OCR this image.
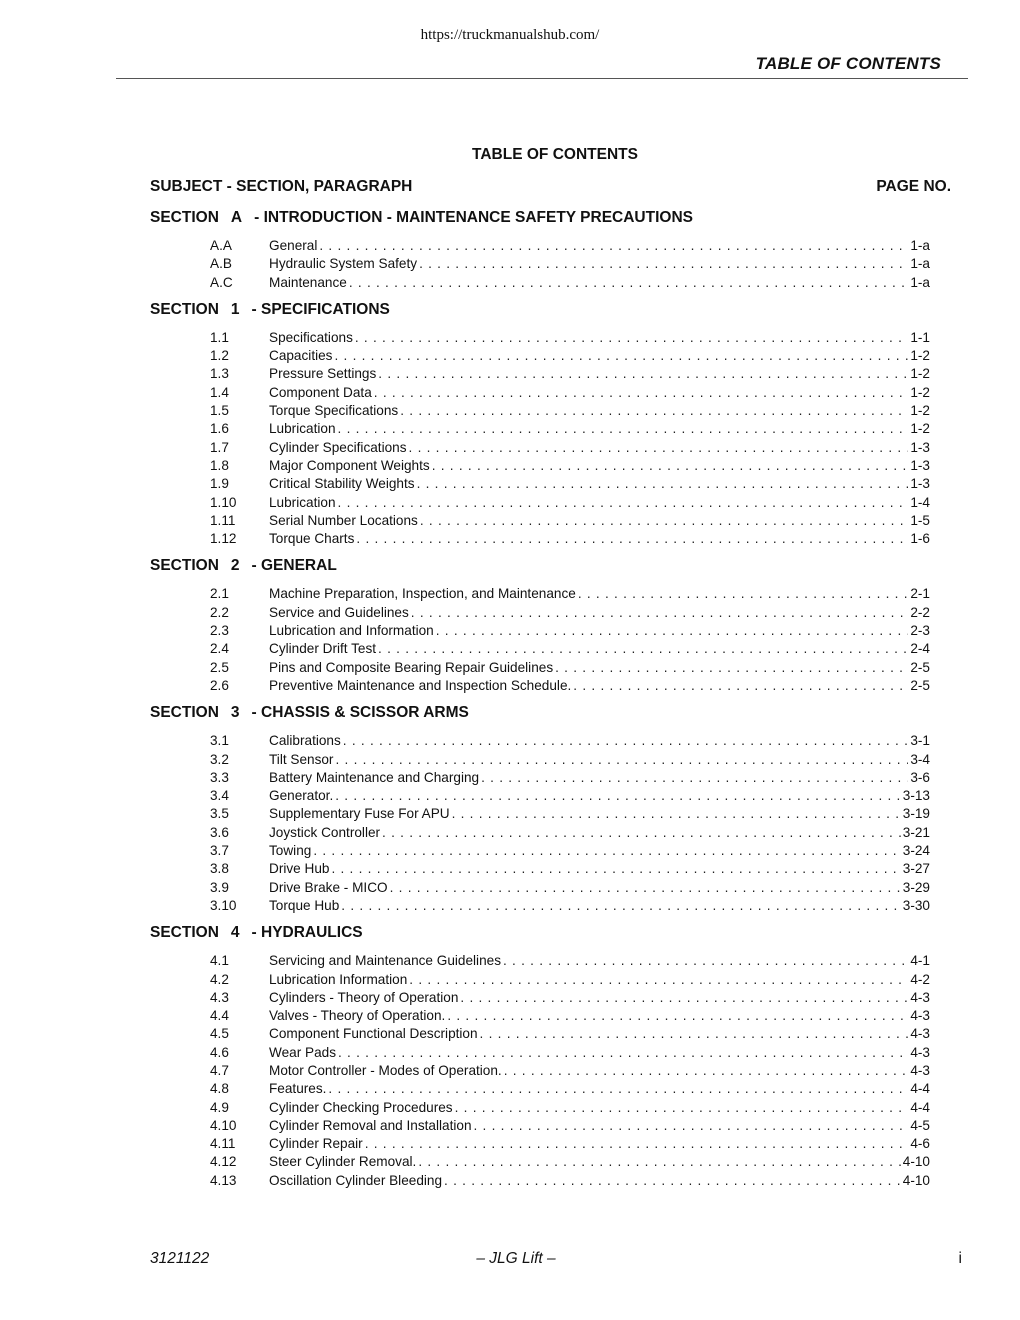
https://truckmanualshub.com/
TABLE OF CONTENTS
TABLE OF CONTENTS
SUBJECT - SECTION, PARAGRAPH	PAGE NO.
SECTION A - INTRODUCTION - MAINTENANCE SAFETY PRECAUTIONS
A.A	General . . .	1-a
A.B	Hydraulic System Safety . . .	1-a
A.C	Maintenance . . .	1-a
SECTION 1 - SPECIFICATIONS
1.1	Specifications . . .	1-1
1.2	Capacities . . .	1-2
1.3	Pressure Settings . . .	1-2
1.4	Component Data . . .	1-2
1.5	Torque Specifications . . .	1-2
1.6	Lubrication . . .	1-2
1.7	Cylinder Specifications . . .	1-3
1.8	Major Component Weights . . .	1-3
1.9	Critical Stability Weights . . .	1-3
1.10	Lubrication . . .	1-4
1.11	Serial Number Locations . . .	1-5
1.12	Torque Charts . . .	1-6
SECTION 2 - GENERAL
2.1	Machine Preparation, Inspection, and Maintenance . . .	2-1
2.2	Service and Guidelines . . .	2-2
2.3	Lubrication and Information . . .	2-3
2.4	Cylinder Drift Test . . .	2-4
2.5	Pins and Composite Bearing Repair Guidelines . . .	2-5
2.6	Preventive Maintenance and Inspection Schedule. . . .	2-5
SECTION 3 - CHASSIS & SCISSOR ARMS
3.1	Calibrations . . .	3-1
3.2	Tilt Sensor . . .	3-4
3.3	Battery Maintenance and Charging . . .	3-6
3.4	Generator. . . .	3-13
3.5	Supplementary Fuse For APU . . .	3-19
3.6	Joystick Controller . . .	3-21
3.7	Towing . . .	3-24
3.8	Drive Hub . . .	3-27
3.9	Drive Brake - MICO . . .	3-29
3.10	Torque Hub . . .	3-30
SECTION 4 - HYDRAULICS
4.1	Servicing and Maintenance Guidelines . . .	4-1
4.2	Lubrication Information . . .	4-2
4.3	Cylinders - Theory of Operation . . .	4-3
4.4	Valves - Theory of Operation. . . .	4-3
4.5	Component Functional Description . . .	4-3
4.6	Wear Pads . . .	4-3
4.7	Motor Controller - Modes of Operation. . . .	4-3
4.8	Features. . . .	4-4
4.9	Cylinder Checking Procedures . . .	4-4
4.10	Cylinder Removal and Installation . . .	4-5
4.11	Cylinder Repair . . .	4-6
4.12	Steer Cylinder Removal. . . .	4-10
4.13	Oscillation Cylinder Bleeding . . .	4-10
3121122	– JLG Lift –	i
